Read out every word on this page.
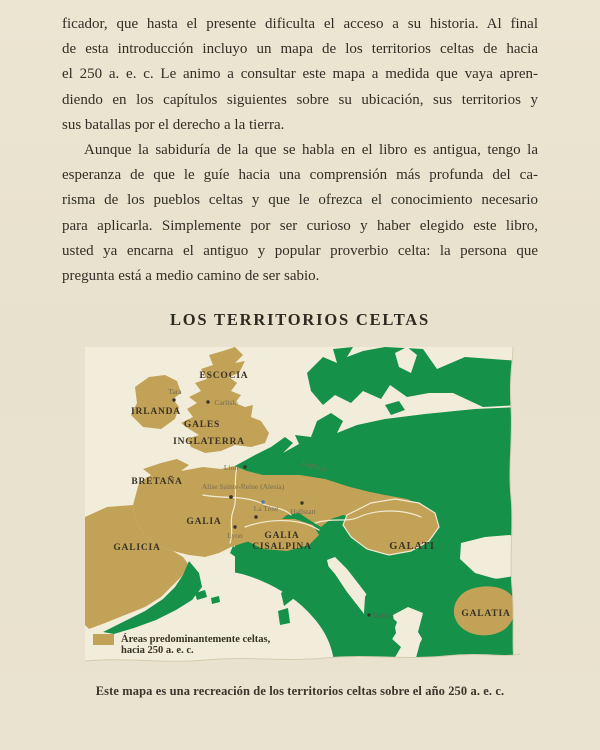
ficador, que hasta el presente dificulta el acceso a su historia. Al final
de esta introducción incluyo un mapa de los territorios celtas de hacia
el 250 a. e. c. Le animo a consultar este mapa a medida que vaya apren-
diendo en los capítulos siguientes sobre su ubicación, sus territorios y
sus batallas por el derecho a la tierra.
Aunque la sabiduría de la que se habla en el libro es antigua, tengo la
esperanza de que le guíe hacia una comprensión más profunda del ca-
risma de los pueblos celtas y que le ofrezca el conocimiento necesario
para aplicarla. Simplemente por ser curioso y haber elegido este libro,
usted ya encarna el antiguo y popular proverbio celta: la persona que
pregunta está a medio camino de ser sabio.
LOS TERRITORIOS CELTAS
ESCOCIA
IRLANDA
GALES
INGLATERRA
BRETAÑA
GALIA
GALICIA
GALIA
CISALPINA	GALATI
GALATIA
Tara
Carlisle
Lion
Alise Sainte-Reine (Alesia)
La Tène Hallstatt
Legnica
Lyon
Delfos
Áreas predominantemente celtas,
hacia 250 a. e. c.

Este mapa es una recreación de los territorios celtas sobre el año 250 a. e. c.
